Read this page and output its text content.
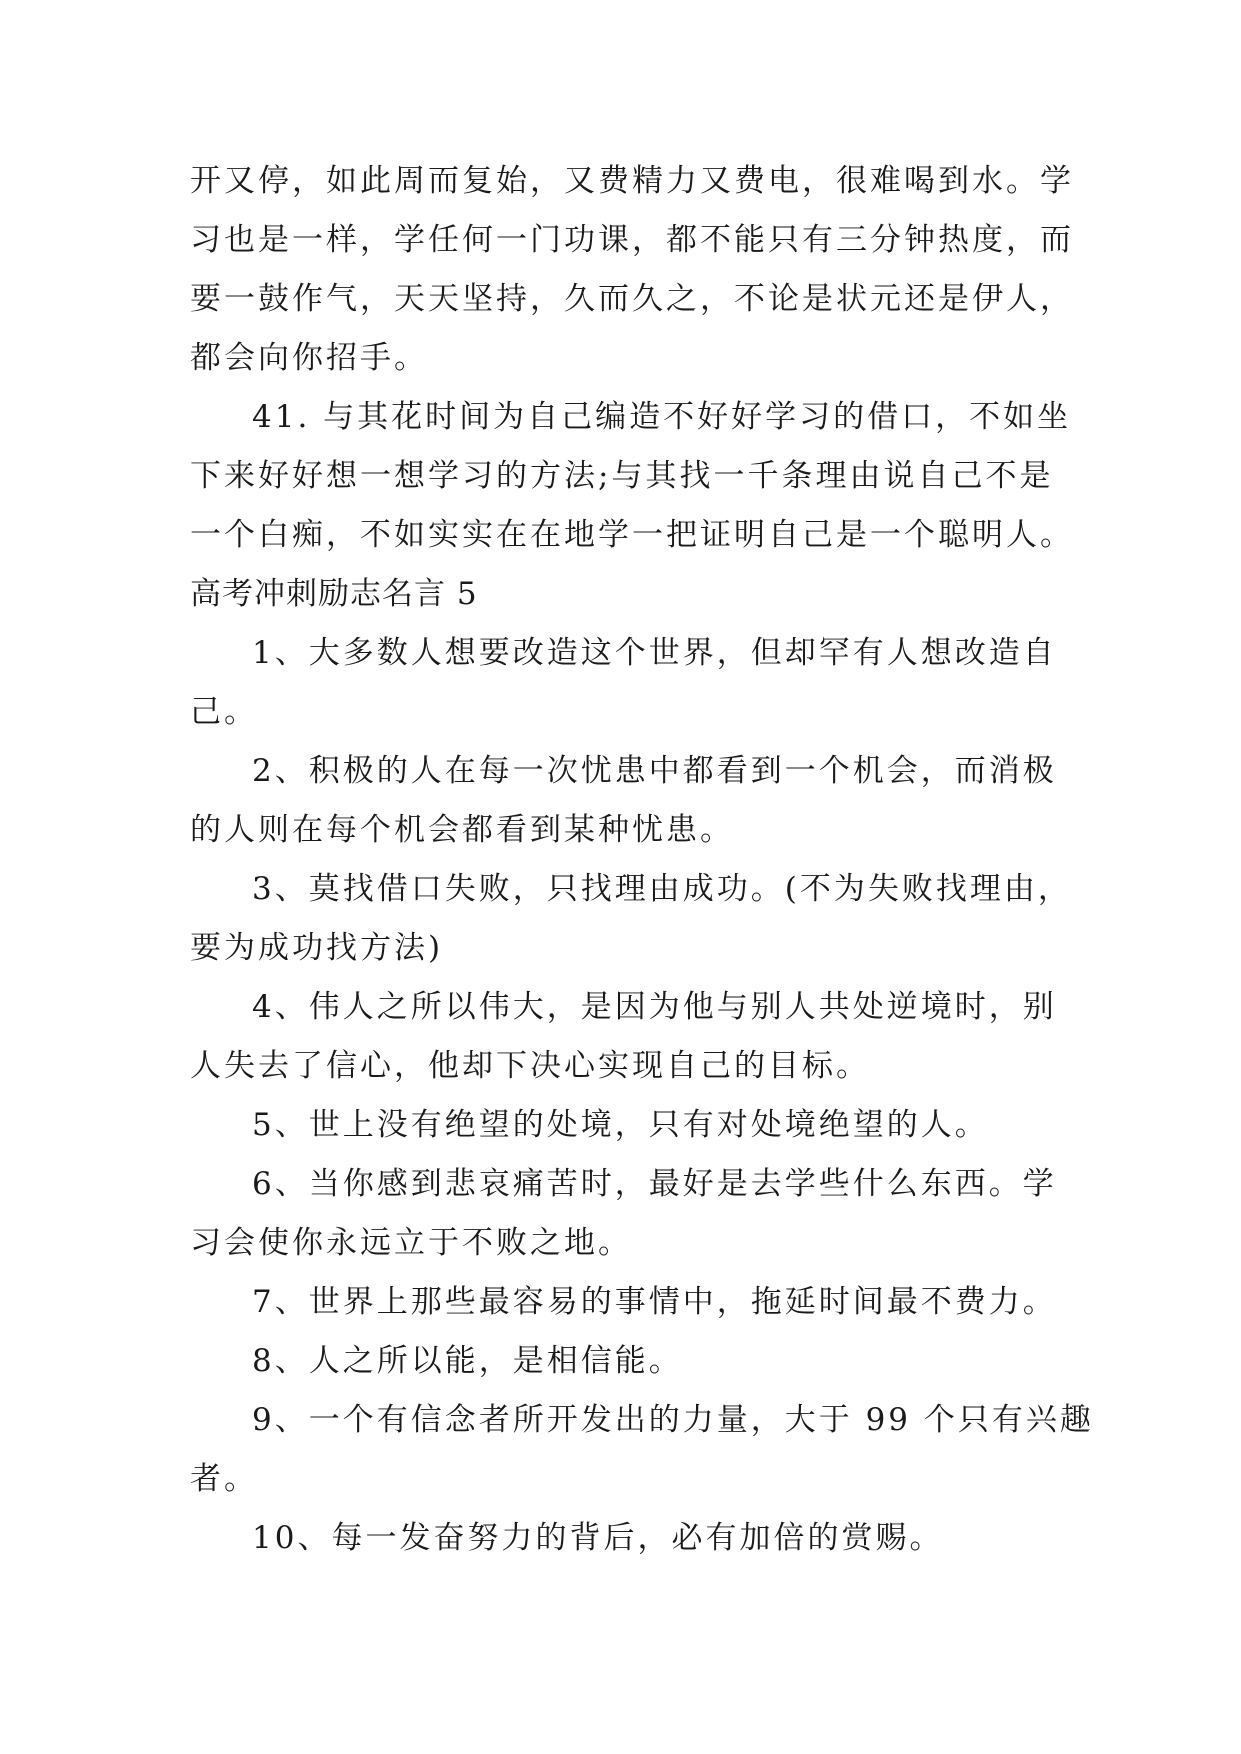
开又停，如此周而复始，又费精力又费电，很难喝到水。学
习也是一样，学任何一门功课，都不能只有三分钟热度，而
要一鼓作气，天天坚持，久而久之，不论是状元还是伊人，
都会向你招手。
41. 与其花时间为自己编造不好好学习的借口，不如坐
下来好好想一想学习的方法;与其找一千条理由说自己不是
一个白痴，不如实实在在地学一把证明自己是一个聪明人。
高考冲刺励志名言 5
1、大多数人想要改造这个世界，但却罕有人想改造自
己。
2、积极的人在每一次忧患中都看到一个机会，而消极
的人则在每个机会都看到某种忧患。
3、莫找借口失败，只找理由成功。(不为失败找理由，
要为成功找方法)
4、伟人之所以伟大，是因为他与别人共处逆境时，别
人失去了信心，他却下决心实现自己的目标。
5、世上没有绝望的处境，只有对处境绝望的人。
6、当你感到悲哀痛苦时，最好是去学些什么东西。学
习会使你永远立于不败之地。
7、世界上那些最容易的事情中，拖延时间最不费力。
8、人之所以能，是相信能。
9、一个有信念者所开发出的力量，大于 99 个只有兴趣
者。
10、每一发奋努力的背后，必有加倍的赏赐。
